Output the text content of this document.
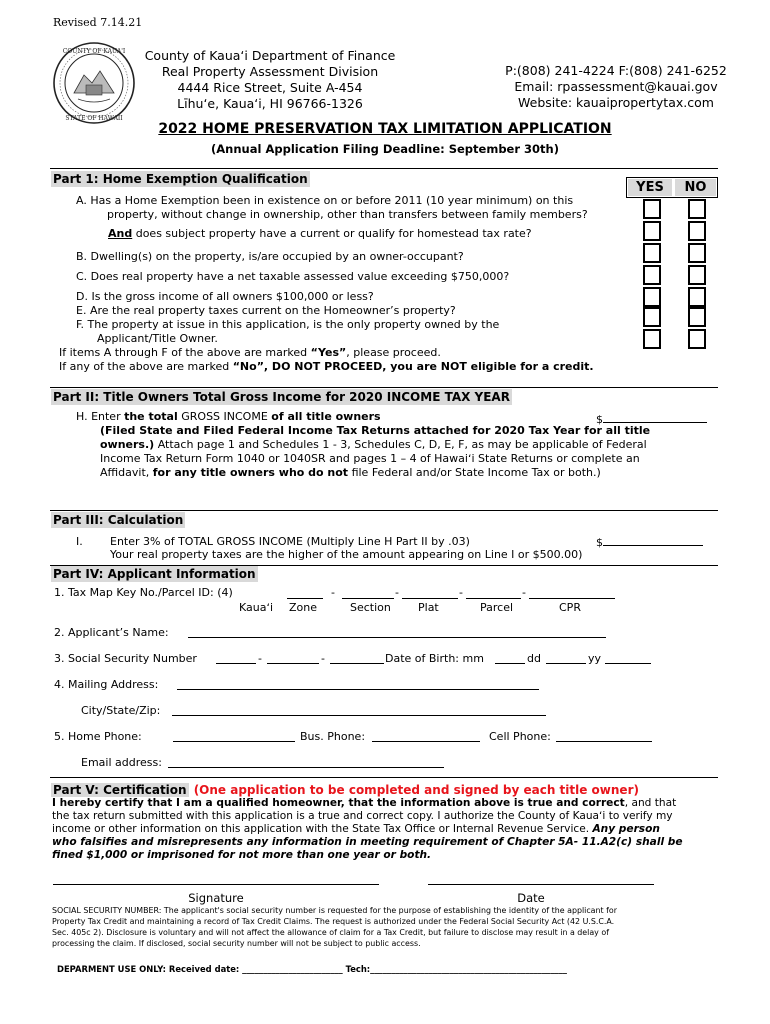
Revised 7.14.21
COUNTY OF KAUA'I
STATE OF HAWAII
County of Kauaʻi Department of Finance
Real Property Assessment Division
4444 Rice Street, Suite A-454
Līhuʻe, Kauaʻi, HI 96766-1326
P:(808) 241-4224 F:(808) 241-6252
Email: rpassessment@kauai.gov
Website: kauaipropertytax.com
2022 HOME PRESERVATION TAX LIMITATION APPLICATION
(Annual Application Filing Deadline: September 30th)
Part 1: Home Exemption Qualification
YES	NO
A. Has a Home Exemption been in existence on or before 2011 (10 year minimum) on this
property, without change in ownership, other than transfers between family members?
And does subject property have a current or qualify for homestead tax rate?
B. Dwelling(s) on the property, is/are occupied by an owner-occupant?
C. Does real property have a net taxable assessed value exceeding $750,000?
D. Is the gross income of all owners $100,000 or less?
E. Are the real property taxes current on the Homeowner’s property?
F. The property at issue in this application, is the only property owned by the
Applicant/Title Owner.
If items A through F of the above are marked “Yes”, please proceed.
If any of the above are marked “No”, DO NOT PROCEED, you are NOT eligible for a credit.
Part II: Title Owners Total Gross Income for 2020 INCOME TAX YEAR
H. Enter the total GROSS INCOME of all title owners	$
(Filed State and Filed Federal Income Tax Returns attached for 2020 Tax Year for all title
owners.) Attach page 1 and Schedules 1 - 3, Schedules C, D, E, F, as may be applicable of Federal
Income Tax Return Form 1040 or 1040SR and pages 1 – 4 of Hawaiʻi State Returns or complete an
Affidavit, for any title owners who do not file Federal and/or State Income Tax or both.)
Part III: Calculation
I. Enter 3% of TOTAL GROSS INCOME (Multiply Line H Part II by .03)	$
Your real property taxes are the higher of the amount appearing on Line I or $500.00)
Part IV: Applicant Information
1. Tax Map Key No./Parcel ID: (4)	-	-	-	-
Kauaʻi Zone	Section Plat	Parcel	CPR
2. Applicant’s Name:
3. Social Security Number	-	-	Date of Birth: mm	dd	yy
4. Mailing Address:
City/State/Zip:
5. Home Phone:	Bus. Phone:	Cell Phone:
Email address:
Part V: Certification (One application to be completed and signed by each title owner)
I hereby certify that I am a qualified homeowner, that the information above is true and correct, and that
the tax return submitted with this application is a true and correct copy. I authorize the County of Kauaʻi to verify my
income or other information on this application with the State Tax Office or Internal Revenue Service. Any person
who falsifies and misrepresents any information in meeting requirement of Chapter 5A- 11.A2(c) shall be
fined $1,000 or imprisoned for not more than one year or both.
Signature	Date
SOCIAL SECURITY NUMBER: The applicant's social security number is requested for the purpose of establishing the identity of the applicant for
Property Tax Credit and maintaining a record of Tax Credit Claims. The request is authorized under the Federal Social Security Act (42 U.S.C.A.
Sec. 405c 2). Disclosure is voluntary and will not affect the allowance of claim for a Tax Credit, but failure to disclose may result in a delay of
processing the claim. If disclosed, social security number will not be subject to public access.
DEPARMENT USE ONLY: Received date: ________________________ Tech:_______________________________________________
